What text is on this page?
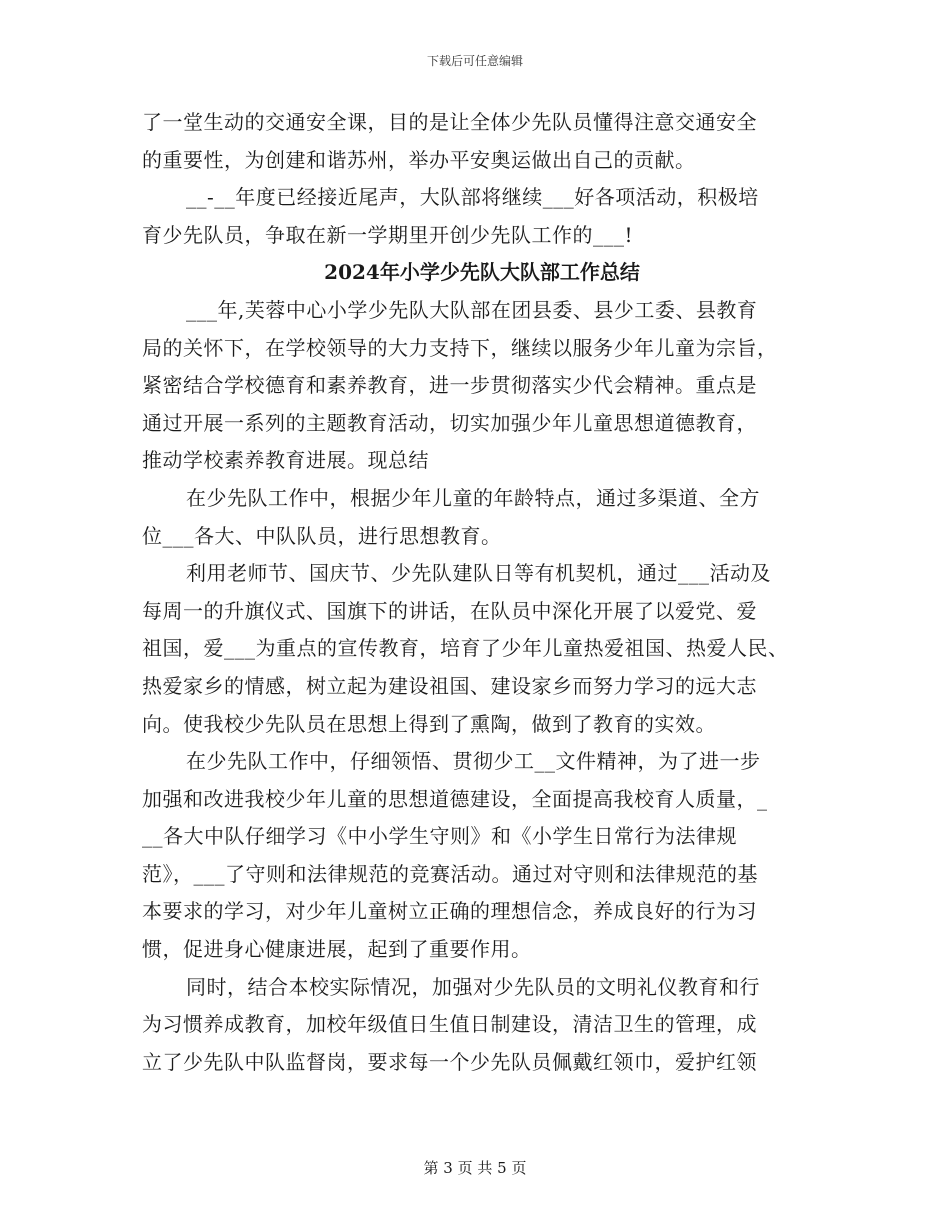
下载后可任意编辑
了一堂生动的交通安全课，目的是让全体少先队员懂得注意交通安全
的重要性，为创建和谐苏州，举办平安奥运做出自己的贡献。
__-__年度已经接近尾声，大队部将继续___好各项活动，积极培
育少先队员，争取在新一学期里开创少先队工作的___!
2024年小学少先队大队部工作总结
___年,芙蓉中心小学少先队大队部在团县委、县少工委、县教育
局的关怀下，在学校领导的大力支持下，继续以服务少年儿童为宗旨，
紧密结合学校德育和素养教育，进一步贯彻落实少代会精神。重点是
通过开展一系列的主题教育活动，切实加强少年儿童思想道德教育，
推动学校素养教育进展。现总结
在少先队工作中，根据少年儿童的年龄特点，通过多渠道、全方
位___各大、中队队员，进行思想教育。
利用老师节、国庆节、少先队建队日等有机契机，通过___活动及
每周一的升旗仪式、国旗下的讲话，在队员中深化开展了以爱党、爱
祖国，爱___为重点的宣传教育，培育了少年儿童热爱祖国、热爱人民、
热爱家乡的情感，树立起为建设祖国、建设家乡而努力学习的远大志
向。使我校少先队员在思想上得到了熏陶，做到了教育的实效。
在少先队工作中，仔细领悟、贯彻少工__文件精神，为了进一步
加强和改进我校少年儿童的思想道德建设，全面提高我校育人质量，_
__各大中队仔细学习《中小学生守则》和《小学生日常行为法律规
范》，___了守则和法律规范的竞赛活动。通过对守则和法律规范的基
本要求的学习，对少年儿童树立正确的理想信念，养成良好的行为习
惯，促进身心健康进展，起到了重要作用。
同时，结合本校实际情况，加强对少先队员的文明礼仪教育和行
为习惯养成教育，加校年级值日生值日制建设，清洁卫生的管理，成
立了少先队中队监督岗，要求每一个少先队员佩戴红领巾，爱护红领
第 3 页 共 5 页
